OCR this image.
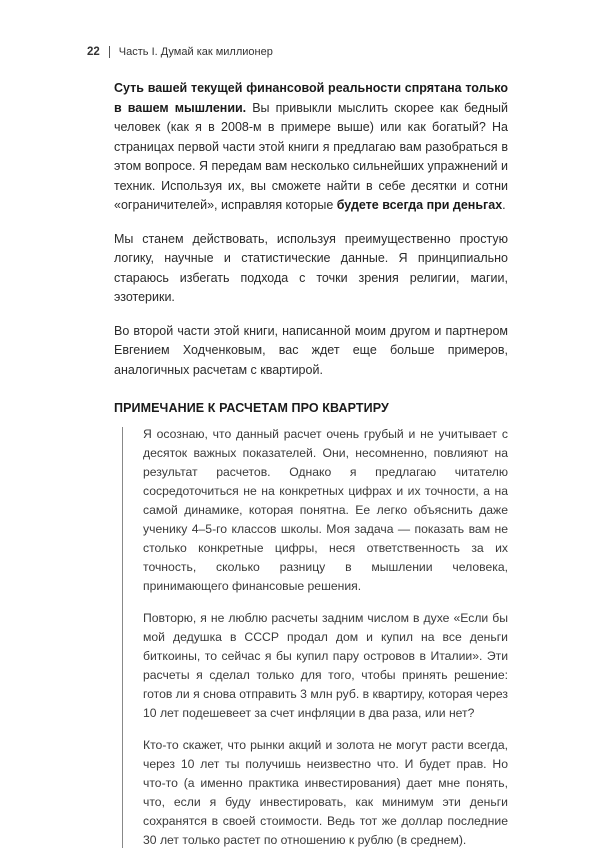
22 Часть I. Думай как миллионер

Суть вашей текущей финансовой реальности спрятана только в вашем мышлении. Вы привыкли мыслить скорее как бедный человек (как я в 2008-м в примере выше) или как богатый? На страницах первой части этой книги я предлагаю вам разобраться в этом вопросе. Я передам вам несколько сильнейших упражнений и техник. Используя их, вы сможете найти в себе десятки и сотни «ограничителей», исправляя которые будете всегда при деньгах.

Мы станем действовать, используя преимущественно простую логику, научные и статистические данные. Я принципиально стараюсь избегать подхода с точки зрения религии, магии, эзотерики.

Во второй части этой книги, написанной моим другом и партнером Евгением Ходченковым, вас ждет еще больше примеров, аналогичных расчетам с квартирой.

ПРИМЕЧАНИЕ К РАСЧЕТАМ ПРО КВАРТИРУ

Я осознаю, что данный расчет очень грубый и не учитывает с десяток важных показателей. Они, несомненно, повлияют на результат расчетов. Однако я предлагаю читателю сосредоточиться не на конкретных цифрах и их точности, а на самой динамике, которая понятна. Ее легко объяснить даже ученику 4–5-го классов школы. Моя задача — показать вам не столько конкретные цифры, неся ответственность за их точность, сколько разницу в мышлении человека, принимающего финансовые решения.

Повторю, я не люблю расчеты задним числом в духе «Если бы мой дедушка в СССР продал дом и купил на все деньги биткоины, то сейчас я бы купил пару островов в Италии». Эти расчеты я сделал только для того, чтобы принять решение: готов ли я снова отправить 3 млн руб. в квартиру, которая через 10 лет подешевеет за счет инфляции в два раза, или нет?

Кто-то скажет, что рынки акций и золота не могут расти всегда, через 10 лет ты получишь неизвестно что. И будет прав. Но что-то (а именно практика инвестирования) дает мне понять, что, если я буду инвестировать, как минимум эти деньги сохранятся в своей стоимости. Ведь тот же доллар последние 30 лет только растет по отношению к рублю (в среднем).
